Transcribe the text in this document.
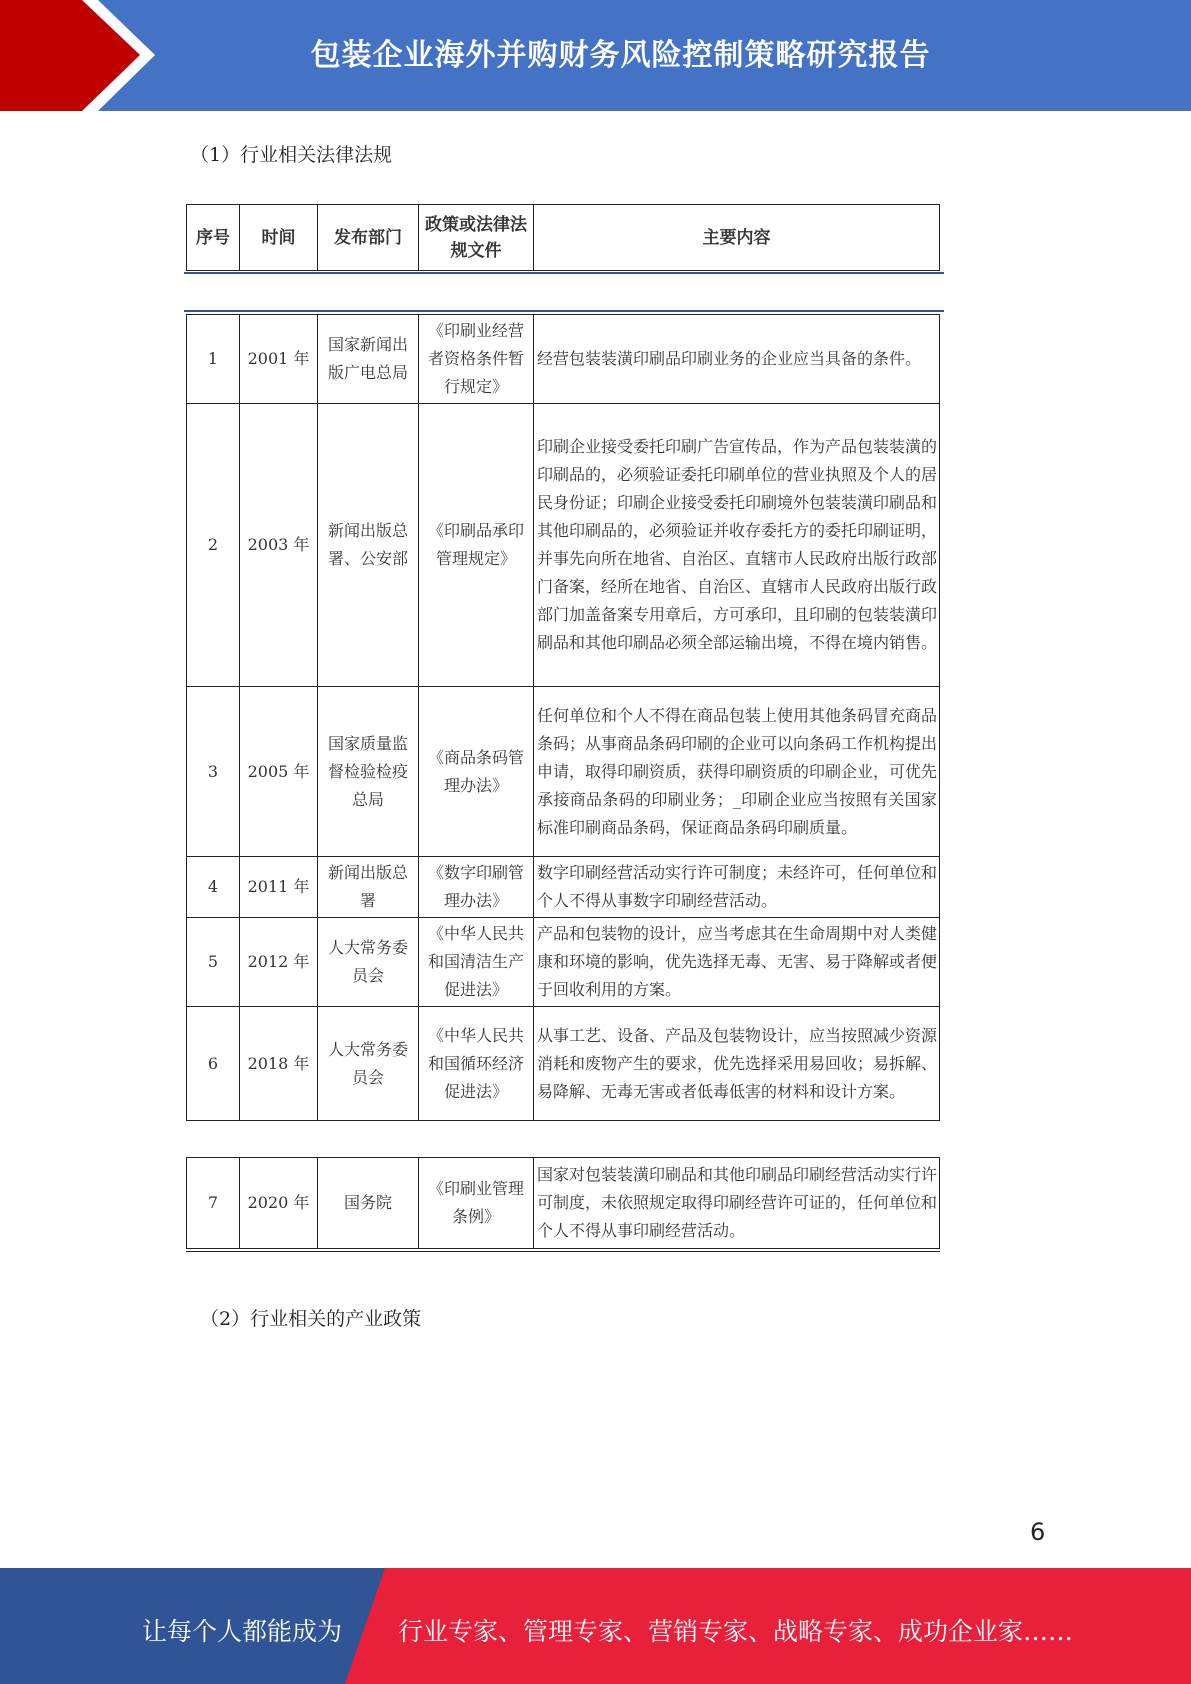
包装企业海外并购财务风险控制策略研究报告
（1）行业相关法律法规
序号	时间	发布部门	政策或法律法规文件	主要内容
1	2001 年	国家新闻出版广电总局	《印刷业经营者资格条件暂行规定》	经营包装装潢印刷品印刷业务的企业应当具备的条件。
2	2003 年	新闻出版总署、公安部	《印刷品承印管理规定》	印刷企业接受委托印刷广告宣传品，作为产品包装装潢的印刷品的，必须验证委托印刷单位的营业执照及个人的居民身份证；印刷企业接受委托印刷境外包装装潢印刷品和其他印刷品的，必须验证并收存委托方的委托印刷证明，并事先向所在地省、自治区、直辖市人民政府出版行政部门备案，经所在地省、自治区、直辖市人民政府出版行政部门加盖备案专用章后，方可承印，且印刷的包装装潢印刷品和其他印刷品必须全部运输出境，不得在境内销售。
3	2005 年	国家质量监督检验检疫总局	《商品条码管理办法》	任何单位和个人不得在商品包装上使用其他条码冒充商品条码；从事商品条码印刷的企业可以向条码工作机构提出申请，取得印刷资质，获得印刷资质的印刷企业，可优先承接商品条码的印刷业务；_印刷企业应当按照有关国家标准印刷商品条码，保证商品条码印刷质量。
4	2011 年	新闻出版总署	《数字印刷管理办法》	数字印刷经营活动实行许可制度；未经许可，任何单位和个人不得从事数字印刷经营活动。
5	2012 年	人大常务委员会	《中华人民共和国清洁生产促进法》	产品和包装物的设计，应当考虑其在生命周期中对人类健康和环境的影响，优先选择无毒、无害、易于降解或者便于回收利用的方案。
6	2018 年	人大常务委员会	《中华人民共和国循环经济促进法》	从事工艺、设备、产品及包装物设计，应当按照减少资源消耗和废物产生的要求，优先选择采用易回收；易拆解、易降解、无毒无害或者低毒低害的材料和设计方案。
7	2020 年	国务院	《印刷业管理条例》	国家对包装装潢印刷品和其他印刷品印刷经营活动实行许可制度，未依照规定取得印刷经营许可证的，任何单位和个人不得从事印刷经营活动。
（2）行业相关的产业政策
6
让每个人都能成为 行业专家、管理专家、营销专家、战略专家、成功企业家……
